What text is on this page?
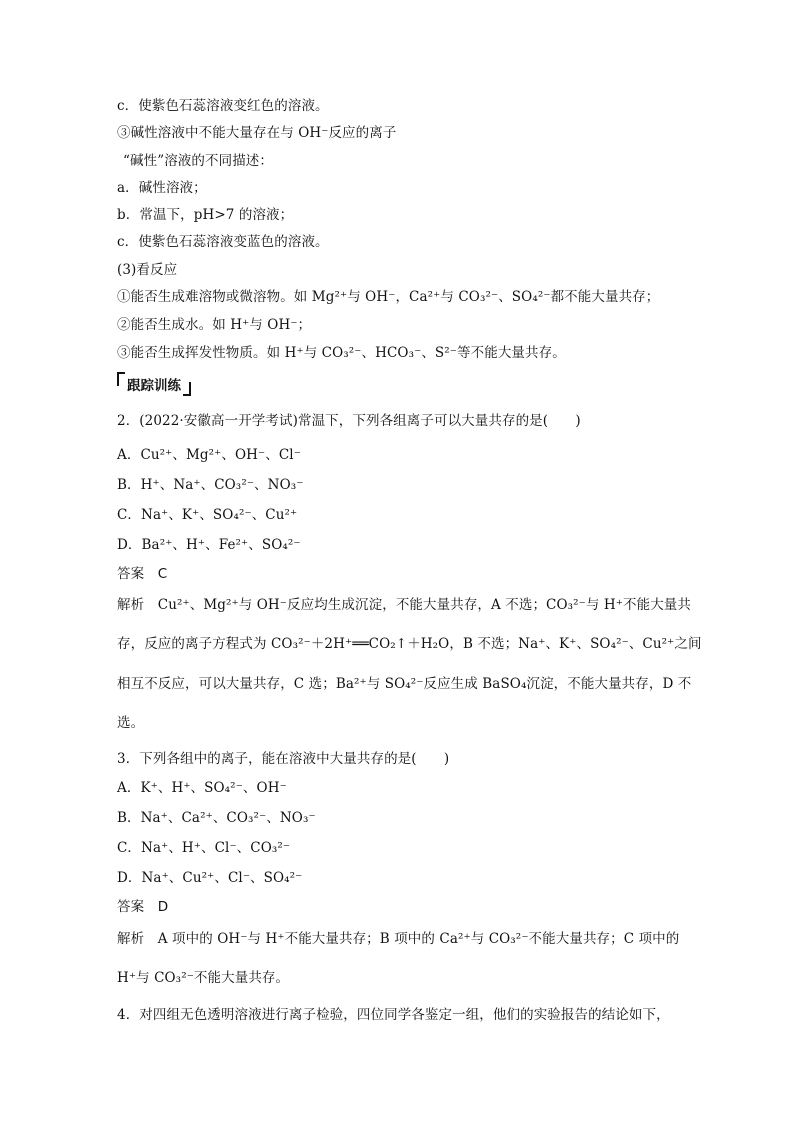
c．使紫色石蕊溶液变红色的溶液。
③碱性溶液中不能大量存在与 OH⁻反应的离子
“碱性”溶液的不同描述：
a．碱性溶液；
b．常温下，pH>7 的溶液；
c．使紫色石蕊溶液变蓝色的溶液。
(3)看反应
①能否生成难溶物或微溶物。如 Mg²⁺与 OH⁻，Ca²⁺与 CO₃²⁻、SO₄²⁻都不能大量共存；
②能否生成水。如 H⁺与 OH⁻；
③能否生成挥发性物质。如 H⁺与 CO₃²⁻、HCO₃⁻、S²⁻等不能大量共存。
跟踪训练
2．(2022·安徽高一开学考试)常温下，下列各组离子可以大量共存的是(　　)
A．Cu²⁺、Mg²⁺、OH⁻、Cl⁻
B．H⁺、Na⁺、CO₃²⁻、NO₃⁻
C．Na⁺、K⁺、SO₄²⁻、Cu²⁺
D．Ba²⁺、H⁺、Fe²⁺、SO₄²⁻
答案　C
解析　Cu²⁺、Mg²⁺与 OH⁻反应均生成沉淀，不能大量共存，A 不选；CO₃²⁻与 H⁺不能大量共
存，反应的离子方程式为 CO₃²⁻＋2H⁺══CO₂↑＋H₂O，B 不选；Na⁺、K⁺、SO₄²⁻、Cu²⁺之间
相互不反应，可以大量共存，C 选；Ba²⁺与 SO₄²⁻反应生成 BaSO₄沉淀，不能大量共存，D 不
选。
3．下列各组中的离子，能在溶液中大量共存的是(　　)
A．K⁺、H⁺、SO₄²⁻、OH⁻
B．Na⁺、Ca²⁺、CO₃²⁻、NO₃⁻
C．Na⁺、H⁺、Cl⁻、CO₃²⁻
D．Na⁺、Cu²⁺、Cl⁻、SO₄²⁻
答案　D
解析　A 项中的 OH⁻与 H⁺不能大量共存；B 项中的 Ca²⁺与 CO₃²⁻不能大量共存；C 项中的
H⁺与 CO₃²⁻不能大量共存。
4．对四组无色透明溶液进行离子检验，四位同学各鉴定一组，他们的实验报告的结论如下，
